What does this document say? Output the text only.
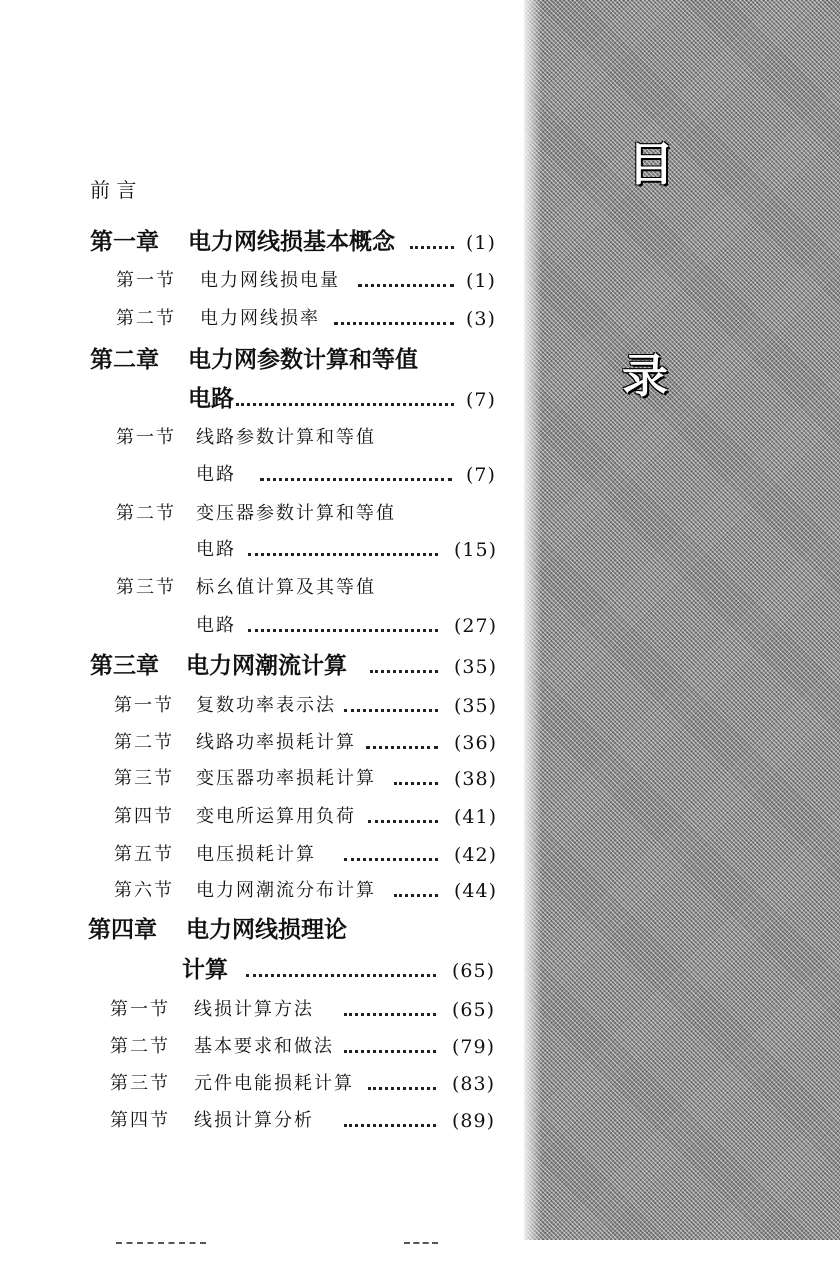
目
录
前 言
第一章 电力网线损基本概念	(1)
第一节 电力网线损电量	(1)
第二节 电力网线损率	(3)
第二章 电力网参数计算和等值
电路	(7)
第一节 线路参数计算和等值
电路	(7)
第二节 变压器参数计算和等值
电路	(15)
第三节 标幺值计算及其等值
电路	(27)
第三章 电力网潮流计算	(35)
第一节 复数功率表示法	(35)
第二节 线路功率损耗计算	(36)
第三节 变压器功率损耗计算	(38)
第四节 变电所运算用负荷	(41)
第五节 电压损耗计算	(42)
第六节 电力网潮流分布计算	(44)
第四章 电力网线损理论
计算	(65)
第一节 线损计算方法	(65)
第二节 基本要求和做法	(79)
第三节 元件电能损耗计算	(83)
第四节 线损计算分析	(89)
